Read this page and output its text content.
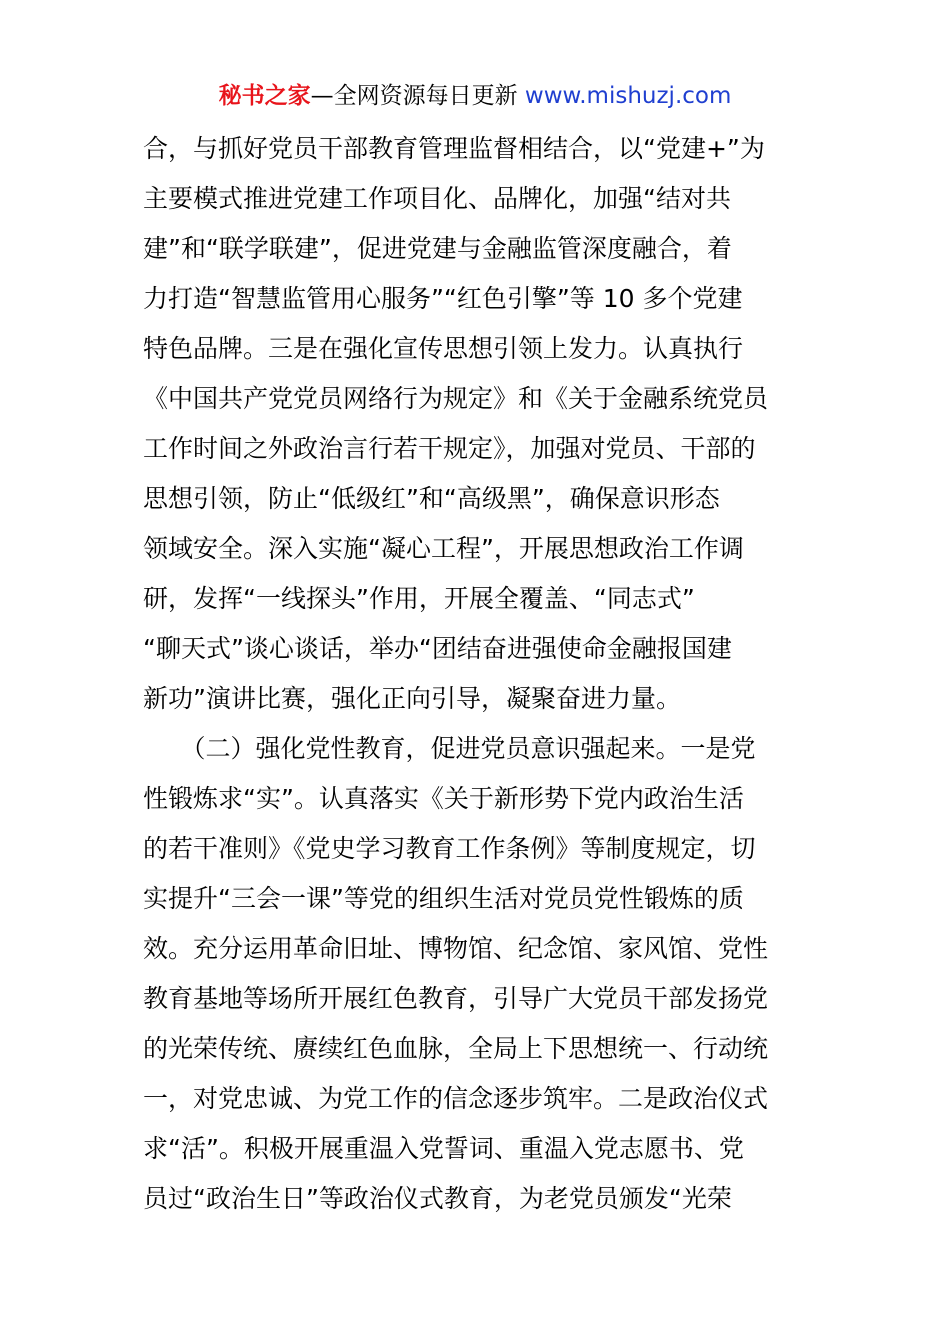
秘书之家—全网资源每日更新 www.mishuzj.com
合，与抓好党员干部教育管理监督相结合，以“党建+”为
主要模式推进党建工作项目化、品牌化，加强“结对共
建”和“联学联建”，促进党建与金融监管深度融合，着
力打造“智慧监管用心服务”“红色引擎”等 10 多个党建
特色品牌。三是在强化宣传思想引领上发力。认真执行
《中国共产党党员网络行为规定》和《关于金融系统党员
工作时间之外政治言行若干规定》，加强对党员、干部的
思想引领，防止“低级红”和“高级黑”，确保意识形态
领域安全。深入实施“凝心工程”，开展思想政治工作调
研，发挥“一线探头”作用，开展全覆盖、“同志式”
“聊天式”谈心谈话，举办“团结奋进强使命金融报国建
新功”演讲比赛，强化正向引导，凝聚奋进力量。
　　（二）强化党性教育，促进党员意识强起来。一是党
性锻炼求“实”。认真落实《关于新形势下党内政治生活
的若干准则》《党史学习教育工作条例》等制度规定，切
实提升“三会一课”等党的组织生活对党员党性锻炼的质
效。充分运用革命旧址、博物馆、纪念馆、家风馆、党性
教育基地等场所开展红色教育，引导广大党员干部发扬党
的光荣传统、赓续红色血脉，全局上下思想统一、行动统
一，对党忠诚、为党工作的信念逐步筑牢。二是政治仪式
求“活”。积极开展重温入党誓词、重温入党志愿书、党
员过“政治生日”等政治仪式教育，为老党员颁发“光荣
